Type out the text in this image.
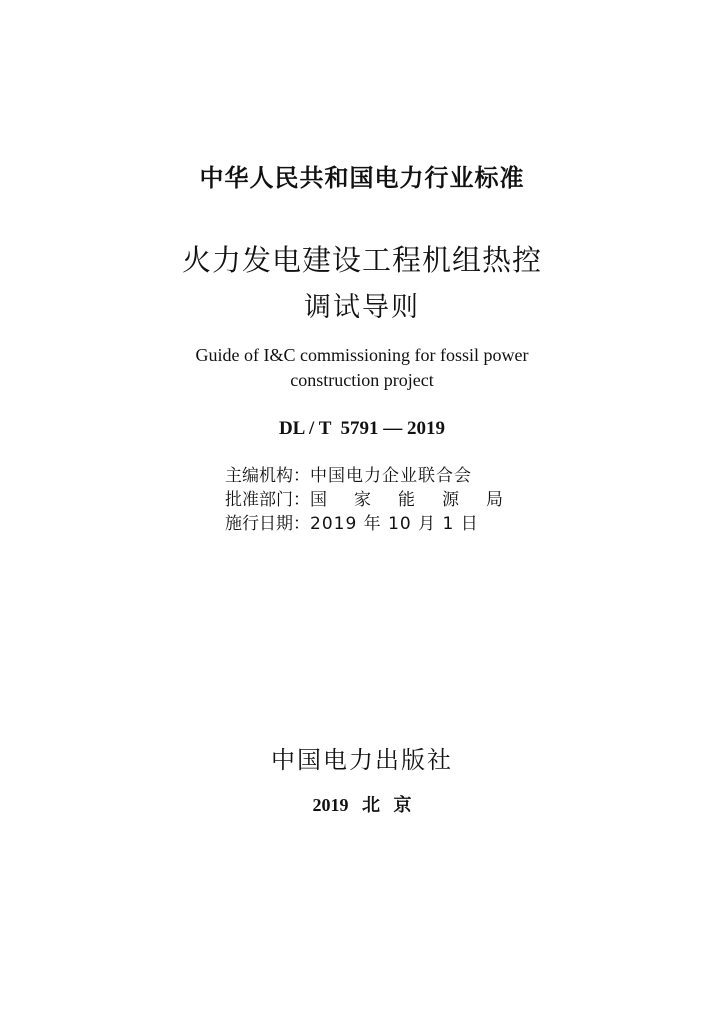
中华人民共和国电力行业标准
火力发电建设工程机组热控
调试导则
Guide of I&C commissioning for fossil power
construction project
DL / T  5791 — 2019
主编机构：中国电力企业联合会
批准部门：国 家 能 源 局
施行日期：2019 年 10 月 1 日
中国电力出版社
2019   北   京
